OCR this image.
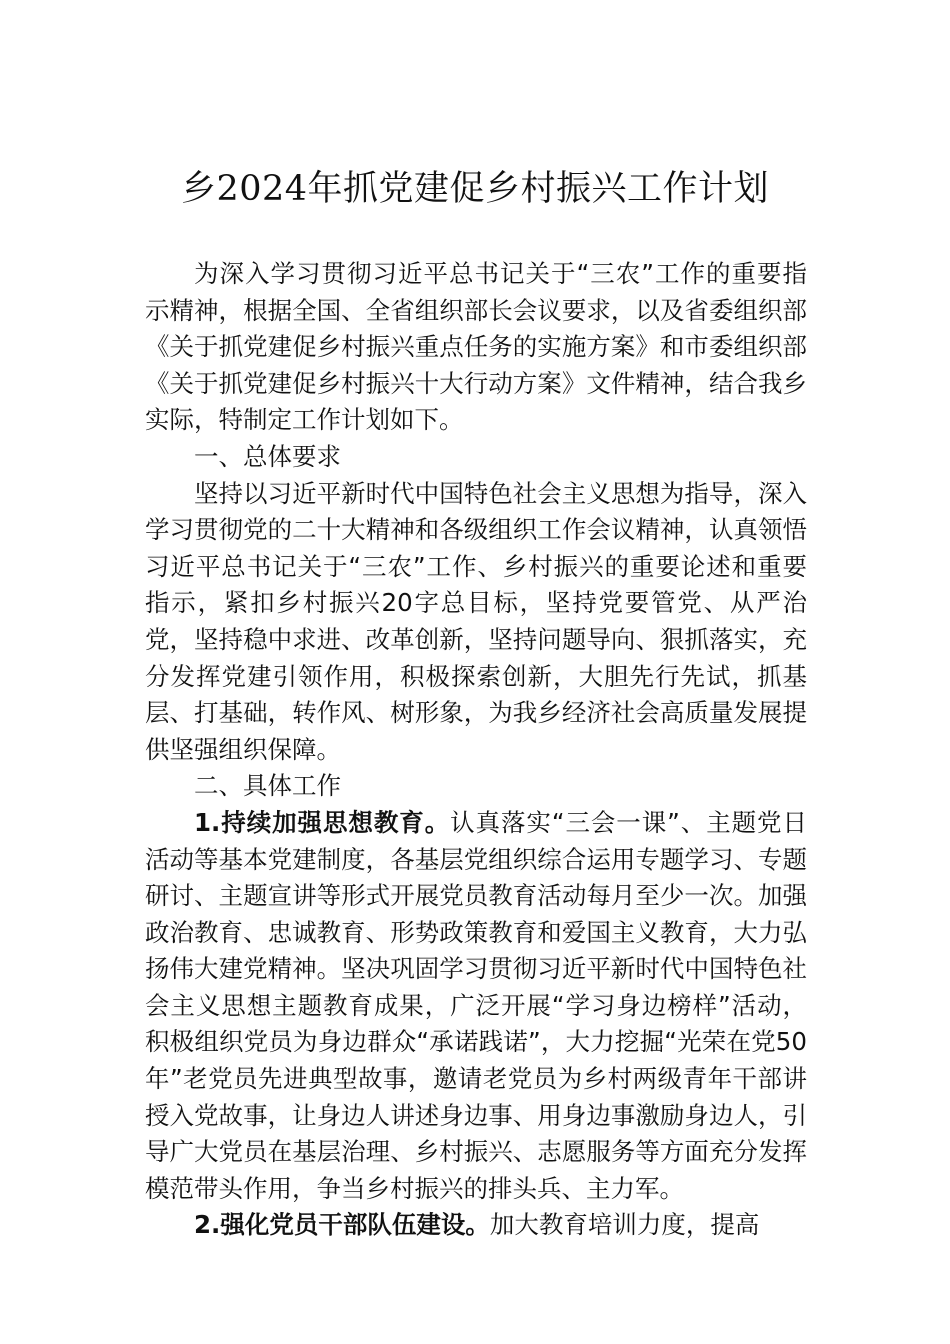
乡2024年抓党建促乡村振兴工作计划

为深入学习贯彻习近平总书记关于“三农”工作的重要指示精神，根据全国、全省组织部长会议要求，以及省委组织部《关于抓党建促乡村振兴重点任务的实施方案》和市委组织部《关于抓党建促乡村振兴十大行动方案》文件精神，结合我乡实际，特制定工作计划如下。

一、总体要求

坚持以习近平新时代中国特色社会主义思想为指导，深入学习贯彻党的二十大精神和各级组织工作会议精神，认真领悟习近平总书记关于“三农”工作、乡村振兴的重要论述和重要指示，紧扣乡村振兴20字总目标，坚持党要管党、从严治党，坚持稳中求进、改革创新，坚持问题导向、狠抓落实，充分发挥党建引领作用，积极探索创新，大胆先行先试，抓基层、打基础，转作风、树形象，为我乡经济社会高质量发展提供坚强组织保障。

二、具体工作

1.持续加强思想教育。认真落实“三会一课”、主题党日活动等基本党建制度，各基层党组织综合运用专题学习、专题研讨、主题宣讲等形式开展党员教育活动每月至少一次。加强政治教育、忠诚教育、形势政策教育和爱国主义教育，大力弘扬伟大建党精神。坚决巩固学习贯彻习近平新时代中国特色社会主义思想主题教育成果，广泛开展“学习身边榜样”活动，积极组织党员为身边群众“承诺践诺”，大力挖掘“光荣在党50年”老党员先进典型故事，邀请老党员为乡村两级青年干部讲授入党故事，让身边人讲述身边事、用身边事激励身边人，引导广大党员在基层治理、乡村振兴、志愿服务等方面充分发挥模范带头作用，争当乡村振兴的排头兵、主力军。

2.强化党员干部队伍建设。加大教育培训力度，提高
